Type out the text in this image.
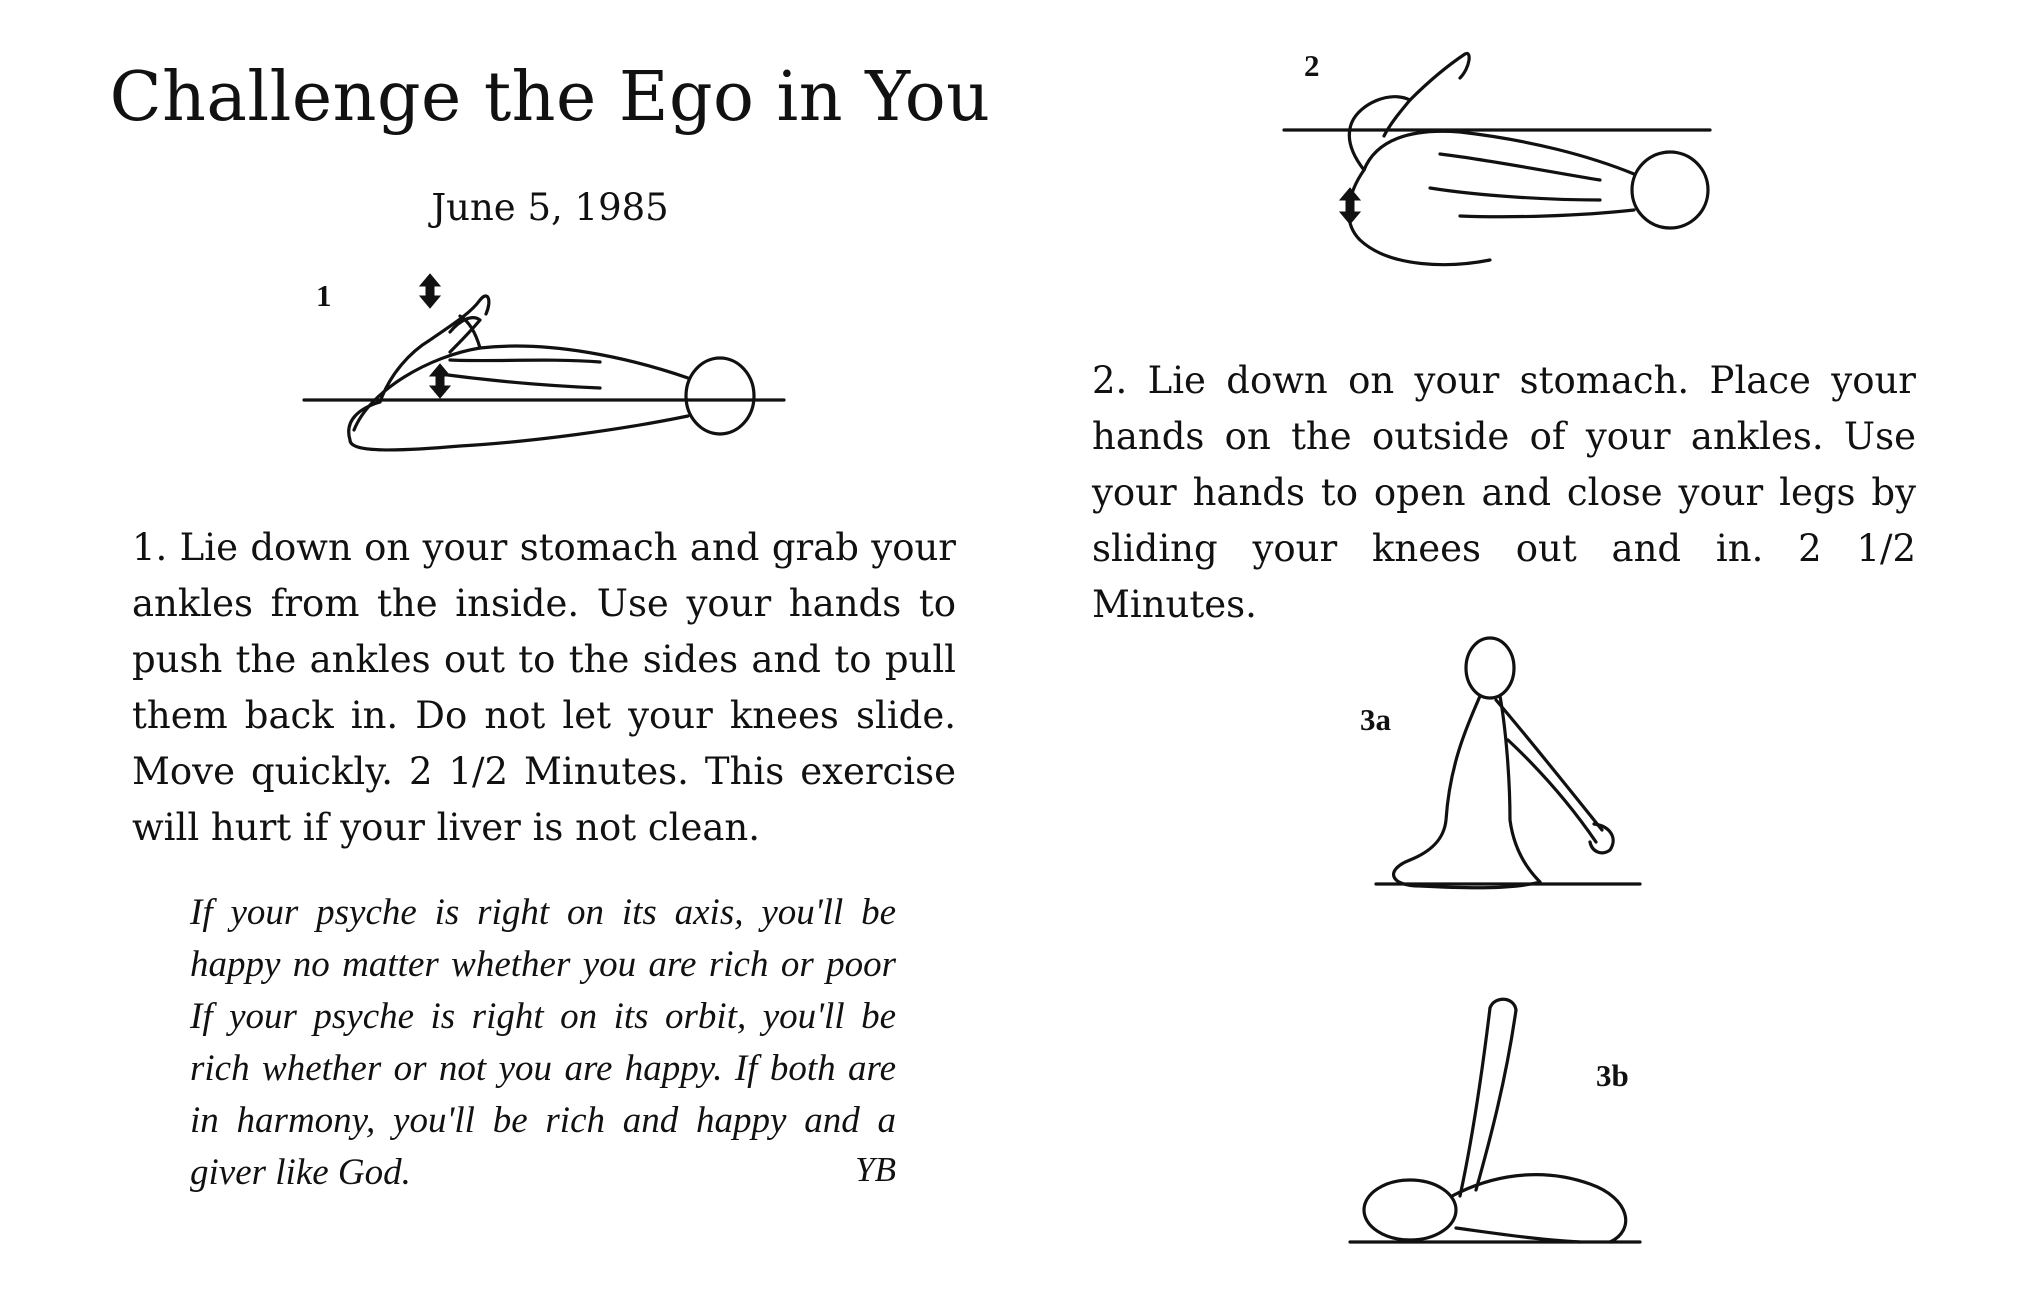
Challenge the Ego in You
June 5, 1985
1
1. Lie down on your stomach and grab your ankles from the inside. Use your hands to push the ankles out to the sides and to pull them back in. Do not let your knees slide. Move quickly. 2 1/2 Minutes. This exercise will hurt if your liver is not clean.
If your psyche is right on its axis, you'll be happy no matter whether you are rich or poor If your psyche is right on its orbit, you'll be rich whether or not you are happy. If both are in harmony, you'll be rich and happy and a giver like God.	YB
2
2. Lie down on your stomach. Place your hands on the outside of your ankles. Use your hands to open and close your legs by sliding your knees out and in. 2 1/2 Minutes.
3a
3b
